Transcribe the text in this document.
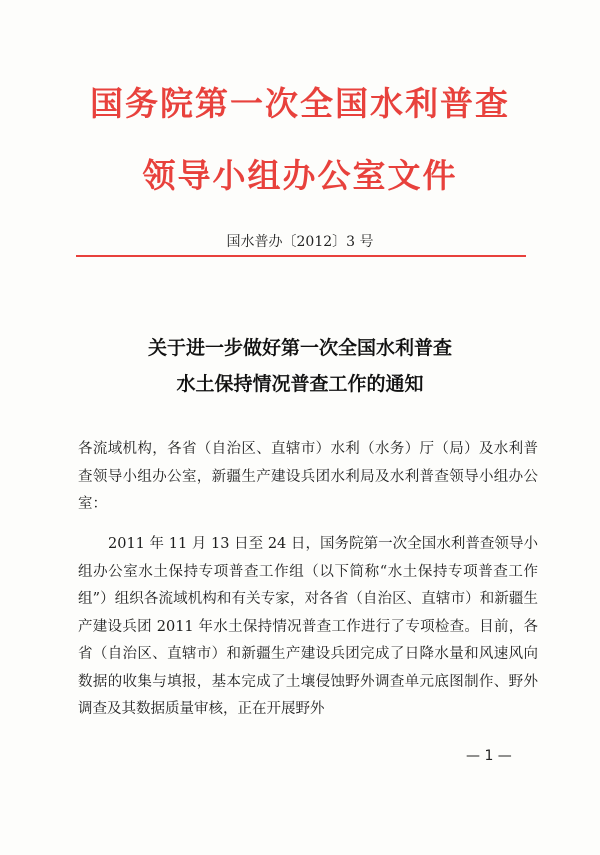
国务院第一次全国水利普查
领导小组办公室文件
国水普办〔2012〕3 号
关于进一步做好第一次全国水利普查
水土保持情况普查工作的通知
各流域机构，各省（自治区、直辖市）水利（水务）厅（局）及水利普查领导小组办公室，新疆生产建设兵团水利局及水利普查领导小组办公室：
2011 年 11 月 13 日至 24 日，国务院第一次全国水利普查领导小组办公室水土保持专项普查工作组（以下简称“水土保持专项普查工作组”）组织各流域机构和有关专家，对各省（自治区、直辖市）和新疆生产建设兵团 2011 年水土保持情况普查工作进行了专项检查。目前，各省（自治区、直辖市）和新疆生产建设兵团完成了日降水量和风速风向数据的收集与填报，基本完成了土壤侵蚀野外调查单元底图制作、野外调查及其数据质量审核，正在开展野外
— 1 —
